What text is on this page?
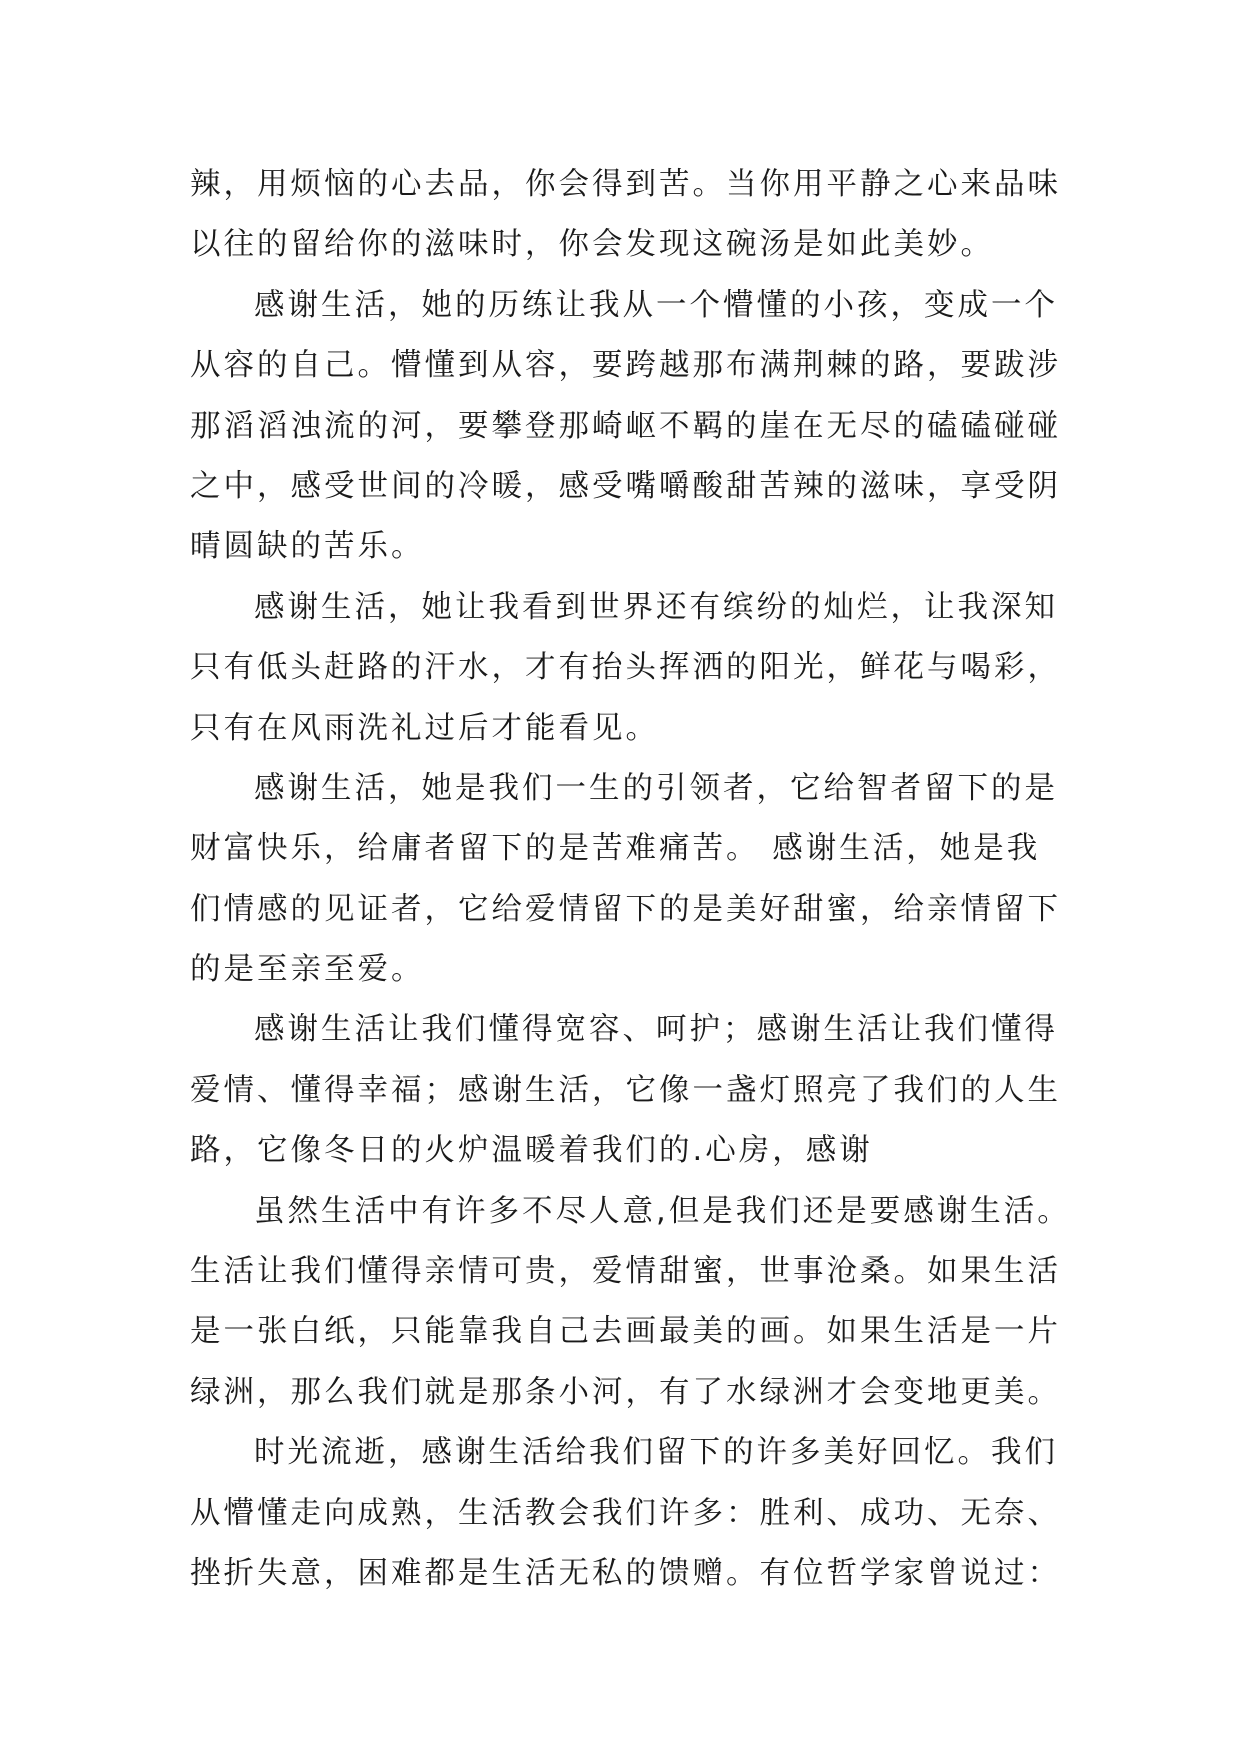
辣，用烦恼的心去品，你会得到苦。当你用平静之心来品味
以往的留给你的滋味时，你会发现这碗汤是如此美妙。
感谢生活，她的历练让我从一个懵懂的小孩，变成一个
从容的自己。懵懂到从容，要跨越那布满荆棘的路，要跋涉
那滔滔浊流的河，要攀登那崎岖不羁的崖在无尽的磕磕碰碰
之中，感受世间的冷暖，感受嘴嚼酸甜苦辣的滋味，享受阴
晴圆缺的苦乐。
感谢生活，她让我看到世界还有缤纷的灿烂，让我深知
只有低头赶路的汗水，才有抬头挥洒的阳光，鲜花与喝彩，
只有在风雨洗礼过后才能看见。
感谢生活，她是我们一生的引领者，它给智者留下的是
财富快乐，给庸者留下的是苦难痛苦。 感谢生活，她是我
们情感的见证者，它给爱情留下的是美好甜蜜，给亲情留下
的是至亲至爱。
感谢生活让我们懂得宽容、呵护；感谢生活让我们懂得
爱情、懂得幸福；感谢生活，它像一盏灯照亮了我们的人生
路，它像冬日的火炉温暖着我们的.心房，感谢
虽然生活中有许多不尽人意,但是我们还是要感谢生活。
生活让我们懂得亲情可贵，爱情甜蜜，世事沧桑。如果生活
是一张白纸，只能靠我自己去画最美的画。如果生活是一片
绿洲，那么我们就是那条小河，有了水绿洲才会变地更美。
时光流逝，感谢生活给我们留下的许多美好回忆。我们
从懵懂走向成熟，生活教会我们许多：胜利、成功、无奈、
挫折失意，困难都是生活无私的馈赠。有位哲学家曾说过：
